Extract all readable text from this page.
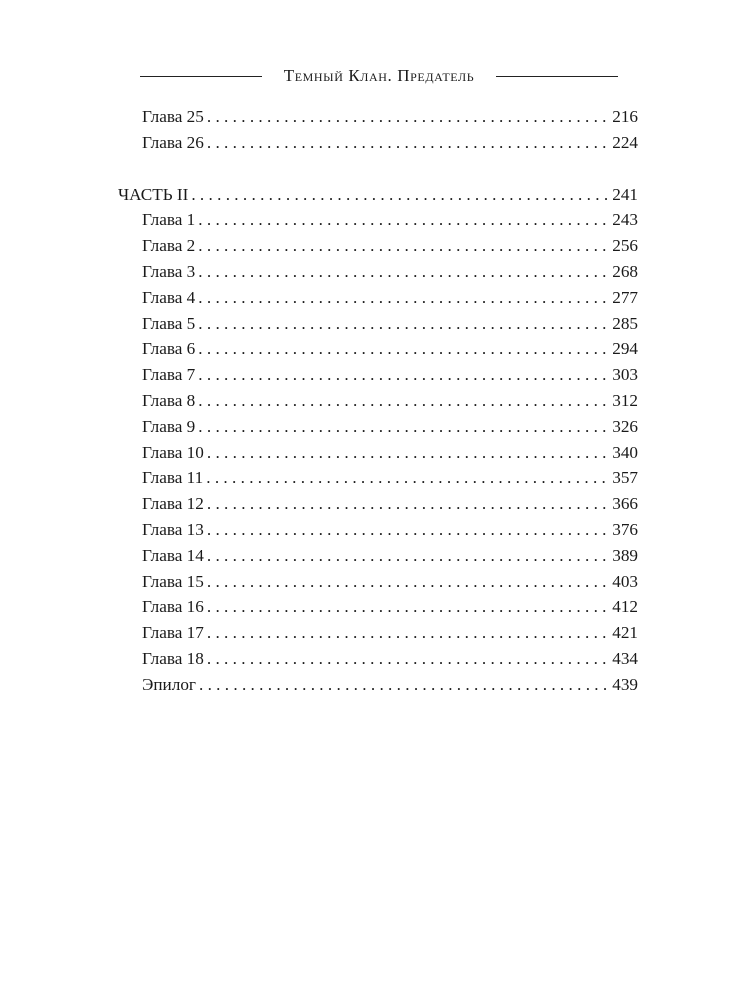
Темный Клан. Предатель
Глава 25 . . .	216
Глава 26 . . .	224
ЧАСТЬ II . . .	241
Глава 1 . . .	243
Глава 2 . . .	256
Глава 3 . . .	268
Глава 4 . . .	277
Глава 5 . . .	285
Глава 6 . . .	294
Глава 7 . . .	303
Глава 8 . . .	312
Глава 9 . . .	326
Глава 10 . . .	340
Глава 11 . . .	357
Глава 12 . . .	366
Глава 13 . . .	376
Глава 14 . . .	389
Глава 15 . . .	403
Глава 16 . . .	412
Глава 17 . . .	421
Глава 18 . . .	434
Эпилог . . .	439
